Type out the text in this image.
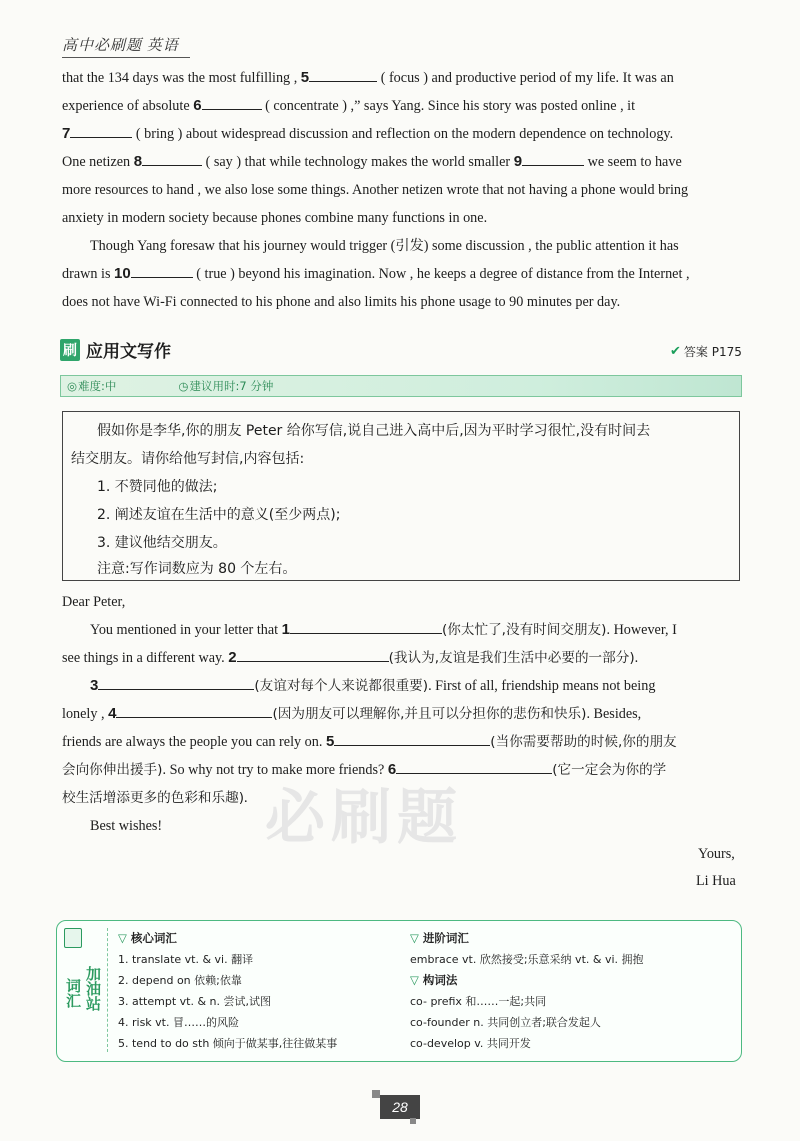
高中必刷题 英语
that the 134 days was the most fulfilling , 5	( focus ) and productive period of my life. It was an
experience of absolute 6	( concentrate ) ,” says Yang. Since his story was posted online , it
7	( bring ) about widespread discussion and reflection on the modern dependence on technology.
One netizen 8	( say ) that while technology makes the world smaller 9	we seem to have
more resources to hand , we also lose some things. Another netizen wrote that not having a phone would bring
anxiety in modern society because phones combine many functions in one.
Though Yang foresaw that his journey would trigger (引发) some discussion , the public attention it has
drawn is 10	( true ) beyond his imagination. Now , he keeps a degree of distance from the Internet ,
does not have Wi-Fi connected to his phone and also limits his phone usage to 90 minutes per day.
刷 应用文写作	✔ 答案 P175
◎ 难度:中	◷ 建议用时:7 分钟
假如你是李华,你的朋友 Peter 给你写信,说自己进入高中后,因为平时学习很忙,没有时间去
结交朋友。请你给他写封信,内容包括:
1. 不赞同他的做法;
2. 阐述友谊在生活中的意义(至少两点);
3. 建议他结交朋友。
注意:写作词数应为 80 个左右。
必刷题
Dear Peter,
You mentioned in your letter that 1	(你太忙了,没有时间交朋友). However, I
see things in a different way. 2	(我认为,友谊是我们生活中必要的一部分).
3	(友谊对每个人来说都很重要). First of all, friendship means not being
lonely , 4	(因为朋友可以理解你,并且可以分担你的悲伤和快乐). Besides,
friends are always the people you can rely on. 5	(当你需要帮助的时候,你的朋友
会向你伸出援手). So why not try to make more friends? 6	(它一定会为你的学
校生活增添更多的色彩和乐趣).
Best wishes!
Yours,
Li Hua
加油站
词汇
▽ 核心词汇
1. translate vt. & vi. 翻译
2. depend on 依赖;依靠
3. attempt vt. & n. 尝试,试图
4. risk vt. 冒……的风险
5. tend to do sth 倾向于做某事,往往做某事
▽ 进阶词汇
embrace vt. 欣然接受;乐意采纳 vt. & vi. 拥抱
▽ 构词法
co- prefix 和……一起;共同
co-founder n. 共同创立者;联合发起人
co-develop v. 共同开发
28
